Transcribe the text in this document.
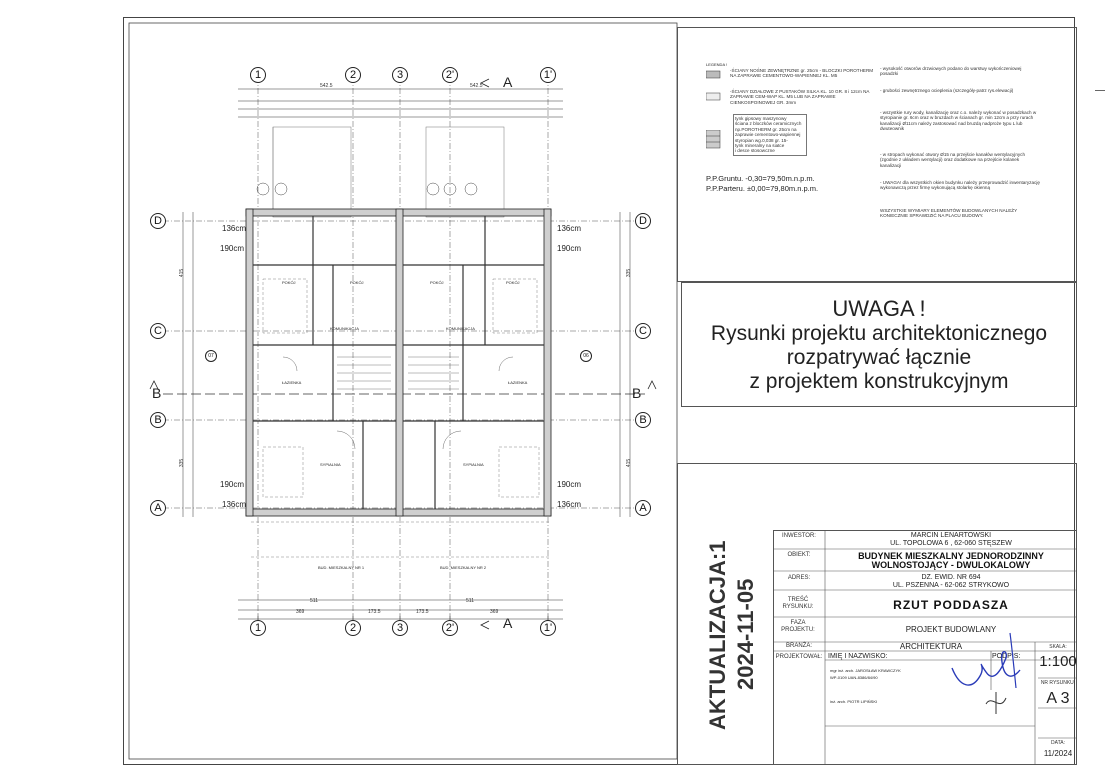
1	2	3	2'	1'
1	2	3	2'	1'
D
C
B
A
D
C
B
A
A
A
B	B
542.5	542.5
369	173.5	173.5	369
511	511
415
335
335
415
136cm
190cm
136cm
190cm
190cm
136cm
190cm
136cm
07	06
SYPIALNIA	SYPIALNIA
KOMUNIKACJA	KOMUNIKACJA
ŁAZIENKA	ŁAZIENKA
POKÓJ	POKÓJ	POKÓJ	POKÓJ
BUD. MIESZKALNY NR 1	BUD. MIESZKALNY NR 2
LEGENDA !
-ŚCIANY NOŚNE ZEWNĘTRZNE gr. 25cm - BLOCZKI POROTHERM NA ZAPRAWIE CEMENTOWO-WAPIENNEJ KL. M5
-ŚCIANY DZIAŁOWE Z PUSTAKÓW SILKA KL. 10 GR. 8 i 12cm NA ZAPRAWIE CEM-WAP KL. M5 LUB NA ZAPRAWIE CIENKOSPOINOWEJ GR. 3mm
tynk gipsowy maszynowy
ściana z bloczków ceramicznych
np.POROTHERM gr. 25cm na zaprawie cementowo-wapiennej
styropian wg.0,038 gr. 15-
tynk mineralny na siatce
i desce stosowczne
P.P.Gruntu. -0,30=79,50m.n.p.m.
P.P.Parteru. ±0,00=79,80m.n.p.m.
- wysokość otworów drzwiowych podano do warstwy wykończeniowej posadzki
- grubości zewnętrznego ocieplenia (szczegóły-patrz rys.elewacji)
- wszystkie rury wody, kanalizację oraz c.o. należy wykonać w posadzkach w styropianie gr. 6cm oraz w bruzdach w ścianach gr. min 12cm a przy rurach kanalizacji Ø11cm należy zastosować nad bruzdą nadproże typu L lub dwuteownik
- w stropach wykonać otwory Ø15 na przejście kanałów wentylacyjnych (zgodnie z układem wentylacji) oraz dodatkowe na przejście kolanek kanalizacji
- UWAGA! dla wszystkich okien budynku należy przeprowadzić inwentaryzację wykonawczą przez firmę wykonującą stolarkę okienną
WSZYSTKIE WYMIARY ELEMENTÓW BUDOWLANYCH NALEŻY KONIECZNIE SPRAWDZIĆ NA PLACU BUDOWY.
UWAGA !
Rysunki projektu architektonicznego
rozpatrywać łącznie
z projektem konstrukcyjnym
AKTUALIZACJA:1 2024-11-05
INWESTOR:	MARCIN LENARTOWSKI
UL. TOPOLOWA 6 , 62-060 STĘSZEW
OBIEKT:	BUDYNEK MIESZKALNY JEDNORODZINNY
WOLNOSTOJĄCY - DWULOKALOWY
ADRES:	DZ. EWID. NR 694
UL. PSZENNA - 62-062 STRYKOWO
TREŚĆ RYSUNKU:	RZUT PODDASZA
FAZA PROJEKTU:	PROJEKT BUDOWLANY
BRANŻA:	ARCHITEKTURA
PROJEKTOWAŁ: IMIĘ I NAZWISKO:	PODPIS:
mgr inż. arch. JAROSŁAW KRAWCZYK
WP-0109 UAN-8386/84/90
inż. arch. PIOTR LIPIŃSKI
SKALA:
1:100
NR RYSUNKU:
A 3
DATA:
11/2024
